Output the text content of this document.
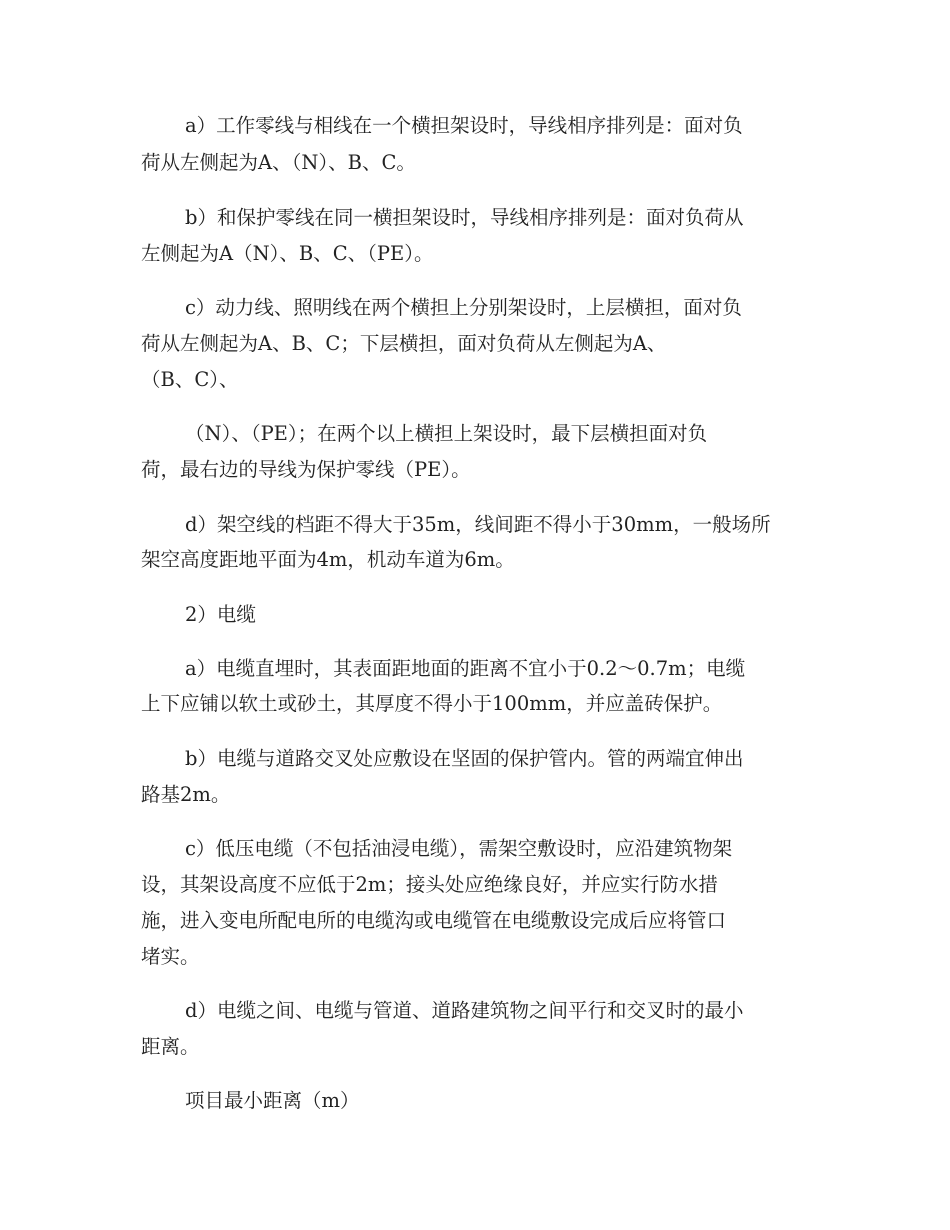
a）工作零线与相线在一个横担架设时，导线相序排列是：面对负

荷从左侧起为A、（N）、B、C。

b）和保护零线在同一横担架设时，导线相序排列是：面对负荷从

左侧起为A（N）、B、C、（PE）。

c）动力线、照明线在两个横担上分别架设时，上层横担，面对负

荷从左侧起为A、B、C；下层横担，面对负荷从左侧起为A、

（B、C）、

（N）、（PE）；在两个以上横担上架设时，最下层横担面对负

荷，最右边的导线为保护零线（PE）。

d）架空线的档距不得大于35m，线间距不得小于30mm，一般场所

架空高度距地平面为4m，机动车道为6m。

2）电缆

a）电缆直埋时，其表面距地面的距离不宜小于0.2～0.7m；电缆

上下应铺以软土或砂土，其厚度不得小于100mm，并应盖砖保护。

b）电缆与道路交叉处应敷设在坚固的保护管内。管的两端宜伸出

路基2m。

c）低压电缆（不包括油浸电缆），需架空敷设时，应沿建筑物架

设，其架设高度不应低于2m；接头处应绝缘良好，并应实行防水措

施，进入变电所配电所的电缆沟或电缆管在电缆敷设完成后应将管口

堵实。

d）电缆之间、电缆与管道、道路建筑物之间平行和交叉时的最小

距离。

项目最小距离（m）
